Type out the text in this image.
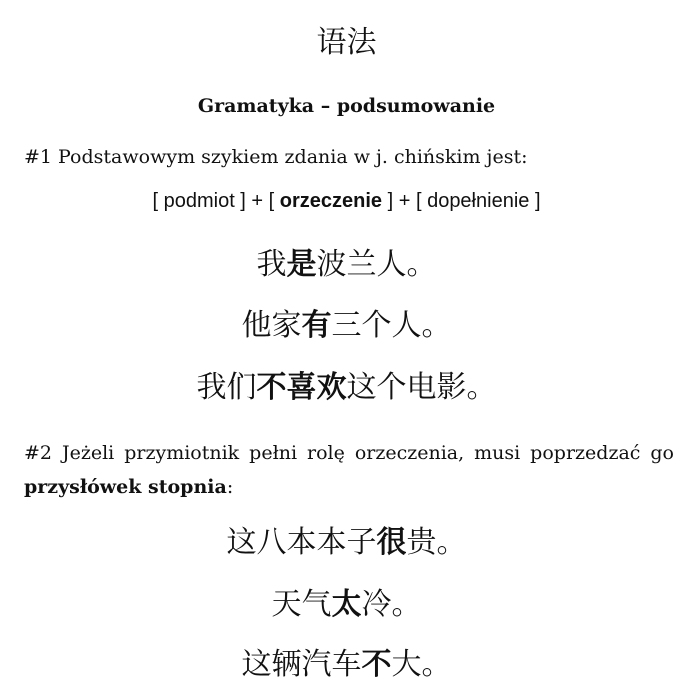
语法
Gramatyka – podsumowanie
#1 Podstawowym szykiem zdania w j. chińskim jest:
[ podmiot ] + [ orzeczenie ] + [ dopełnienie ]
我是波兰人。
他家有三个人。
我们不喜欢这个电影。
#2 Jeżeli przymiotnik pełni rolę orzeczenia, musi poprzedzać go przysłówek stopnia:
这八本本子很贵。
天气太冷。
这辆汽车不大。
